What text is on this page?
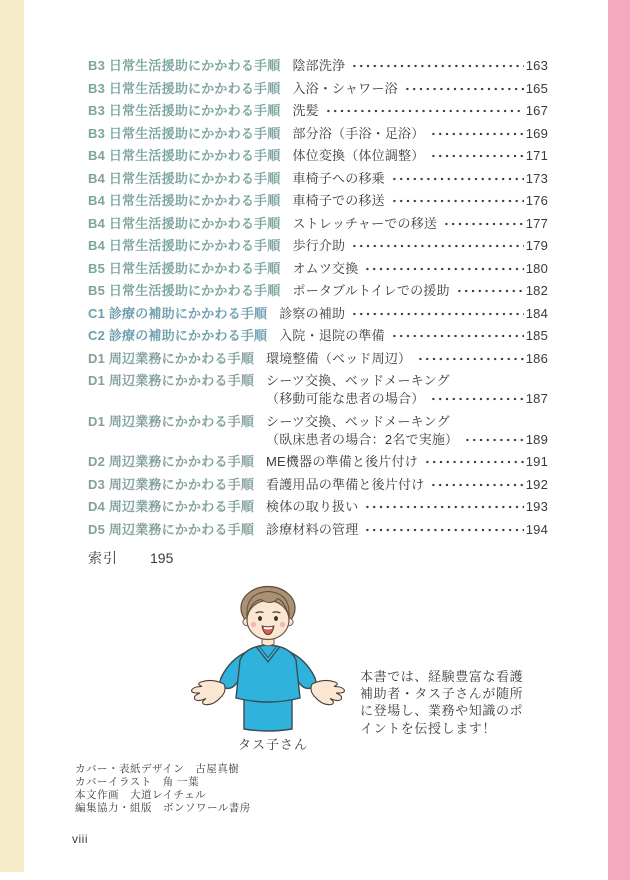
B3 日常生活援助にかかわる手順 陰部洗浄	163
B3 日常生活援助にかかわる手順 入浴・シャワー浴	165
B3 日常生活援助にかかわる手順 洗髪	167
B3 日常生活援助にかかわる手順 部分浴（手浴・足浴）	169
B4 日常生活援助にかかわる手順 体位変換（体位調整）	171
B4 日常生活援助にかかわる手順 車椅子への移乗	173
B4 日常生活援助にかかわる手順 車椅子での移送	176
B4 日常生活援助にかかわる手順 ストレッチャーでの移送	177
B4 日常生活援助にかかわる手順 歩行介助	179
B5 日常生活援助にかかわる手順 オムツ交換	180
B5 日常生活援助にかかわる手順 ポータブルトイレでの援助	182
C1 診療の補助にかかわる手順 診察の補助	184
C2 診療の補助にかかわる手順 入院・退院の準備	185
D1 周辺業務にかかわる手順 環境整備（ベッド周辺）	186
D1 周辺業務にかかわる手順 シーツ交換、ベッドメーキング
（移動可能な患者の場合）	187
D1 周辺業務にかかわる手順 シーツ交換、ベッドメーキング
（臥床患者の場合：2名で実施）	189
D2 周辺業務にかかわる手順 ME機器の準備と後片付け	191
D3 周辺業務にかかわる手順 看護用品の準備と後片付け	192
D4 周辺業務にかかわる手順 検体の取り扱い	193
D5 周辺業務にかかわる手順 診療材料の管理	194
索引 195
タス子さん
本書では、経験豊富な看護
補助者・タス子さんが随所
に登場し、業務や知識のポ
イントを伝授します！
カバー・表紙デザイン　古屋真樹
カバーイラスト　角 一葉
本文作画　大道レイチェル
編集協力・組版　ボンソワール書房
viii
